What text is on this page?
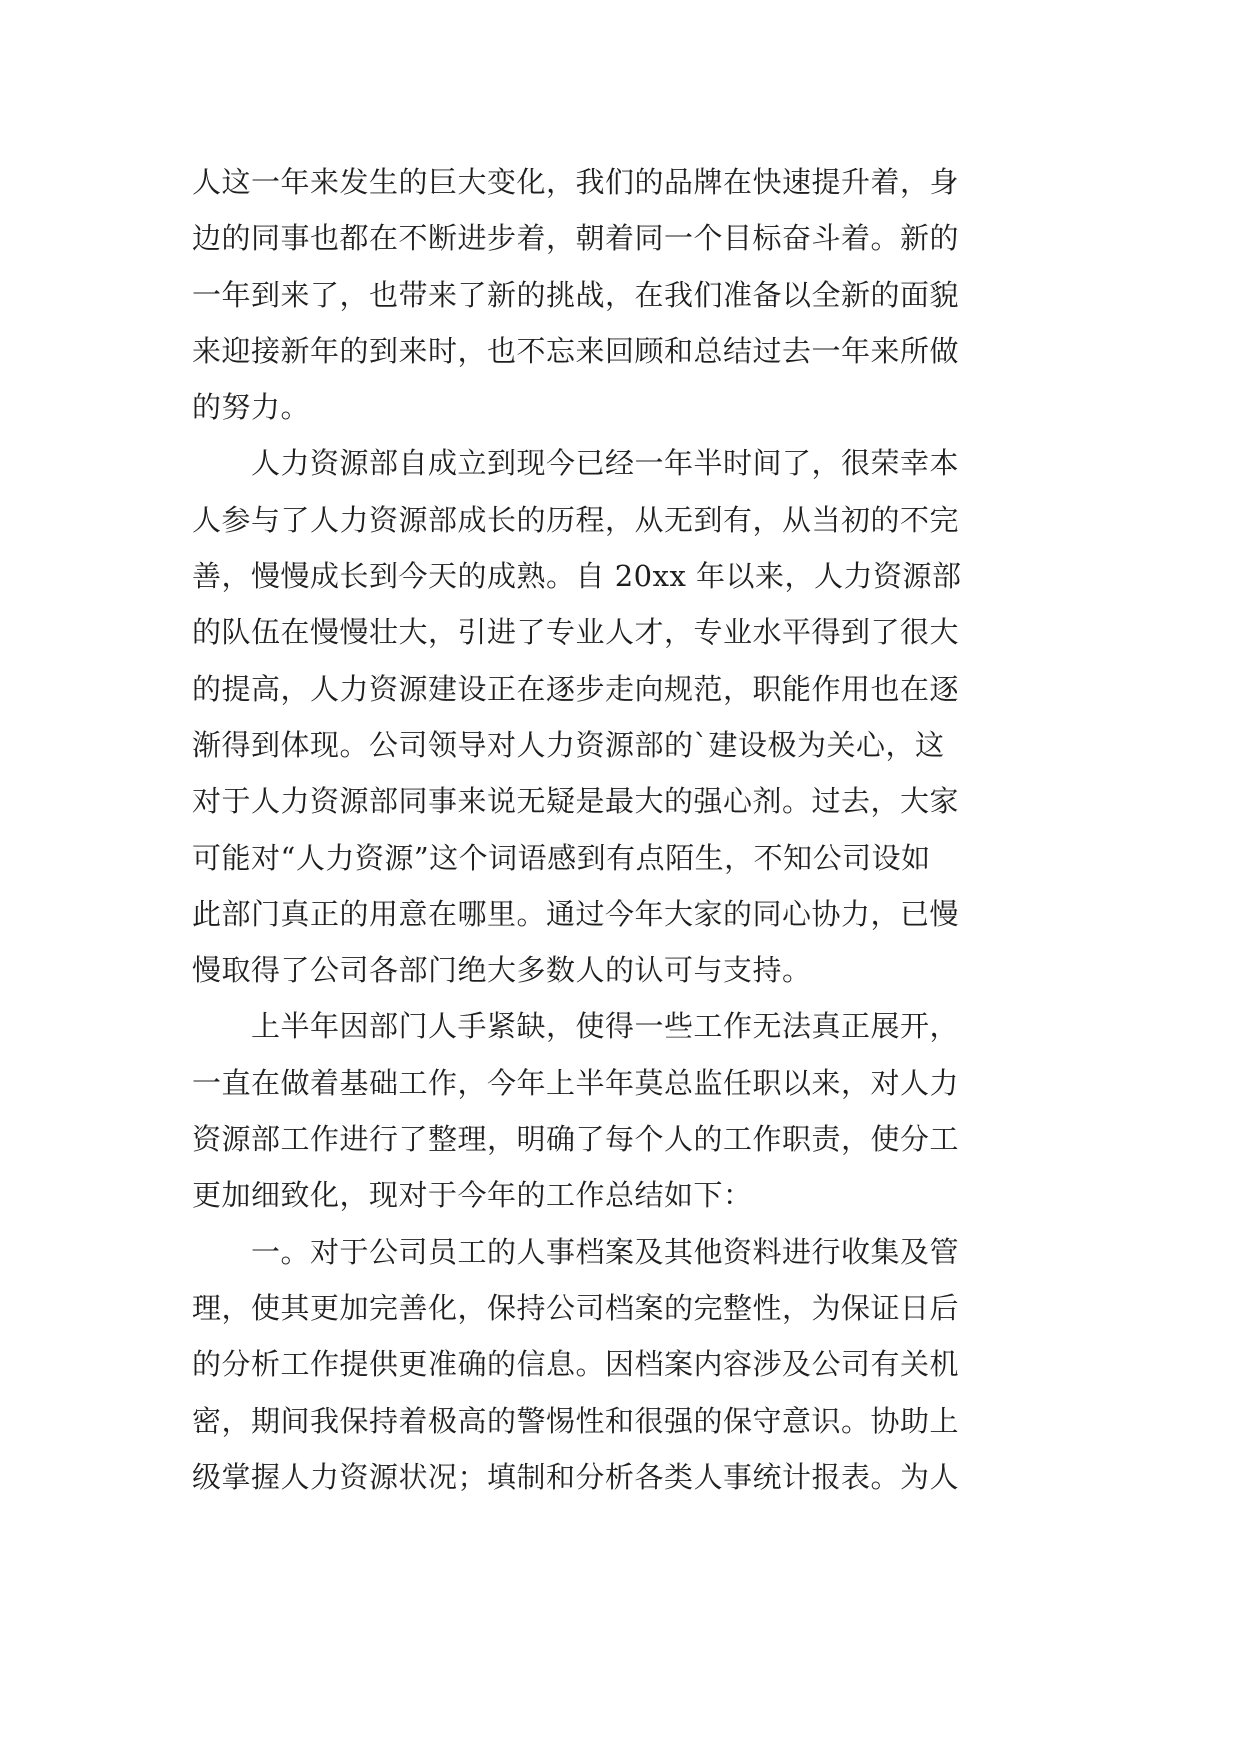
人这一年来发生的巨大变化，我们的品牌在快速提升着，身
边的同事也都在不断进步着，朝着同一个目标奋斗着。新的
一年到来了，也带来了新的挑战，在我们准备以全新的面貌
来迎接新年的到来时，也不忘来回顾和总结过去一年来所做
的努力。
　　人力资源部自成立到现今已经一年半时间了，很荣幸本
人参与了人力资源部成长的历程，从无到有，从当初的不完
善，慢慢成长到今天的成熟。自 20xx 年以来，人力资源部
的队伍在慢慢壮大，引进了专业人才，专业水平得到了很大
的提高，人力资源建设正在逐步走向规范，职能作用也在逐
渐得到体现。公司领导对人力资源部的`建设极为关心，这
对于人力资源部同事来说无疑是最大的强心剂。过去，大家
可能对“人力资源”这个词语感到有点陌生，不知公司设如
此部门真正的用意在哪里。通过今年大家的同心协力，已慢
慢取得了公司各部门绝大多数人的认可与支持。
　　上半年因部门人手紧缺，使得一些工作无法真正展开，
一直在做着基础工作，今年上半年莫总监任职以来，对人力
资源部工作进行了整理，明确了每个人的工作职责，使分工
更加细致化，现对于今年的工作总结如下：
　　一。对于公司员工的人事档案及其他资料进行收集及管
理，使其更加完善化，保持公司档案的完整性，为保证日后
的分析工作提供更准确的信息。因档案内容涉及公司有关机
密，期间我保持着极高的警惕性和很强的保守意识。协助上
级掌握人力资源状况；填制和分析各类人事统计报表。为人
